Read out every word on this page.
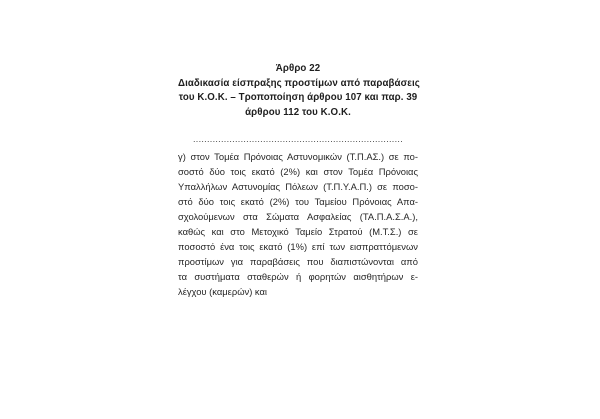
Άρθρο 22
Διαδικασία είσπραξης προστίμων από παραβάσεις
του Κ.Ο.Κ. – Τροποποίηση άρθρου 107 και παρ. 39
άρθρου 112 του Κ.Ο.Κ.
...........................................................................
γ) στον Τομέα Πρόνοιας Αστυνομικών (Τ.Π.ΑΣ.) σε πο-
σοστό δύο τοις εκατό (2%) και στον Τομέα Πρόνοιας
Υπαλλήλων Αστυνομίας Πόλεων (Τ.Π.Υ.Α.Π.) σε ποσο-
στό δύο τοις εκατό (2%) του Ταμείου Πρόνοιας Απα-
σχολούμενων στα Σώματα Ασφαλείας (ΤΑ.Π.Α.Σ.Α.),
καθώς και στο Μετοχικό Ταμείο Στρατού (Μ.Τ.Σ.) σε
ποσοστό ένα τοις εκατό (1%) επί των εισπραττόμενων
προστίμων για παραβάσεις που διαπιστώνονται από
τα συστήματα σταθερών ή φορητών αισθητήρων ε-
λέγχου (καμερών) και
